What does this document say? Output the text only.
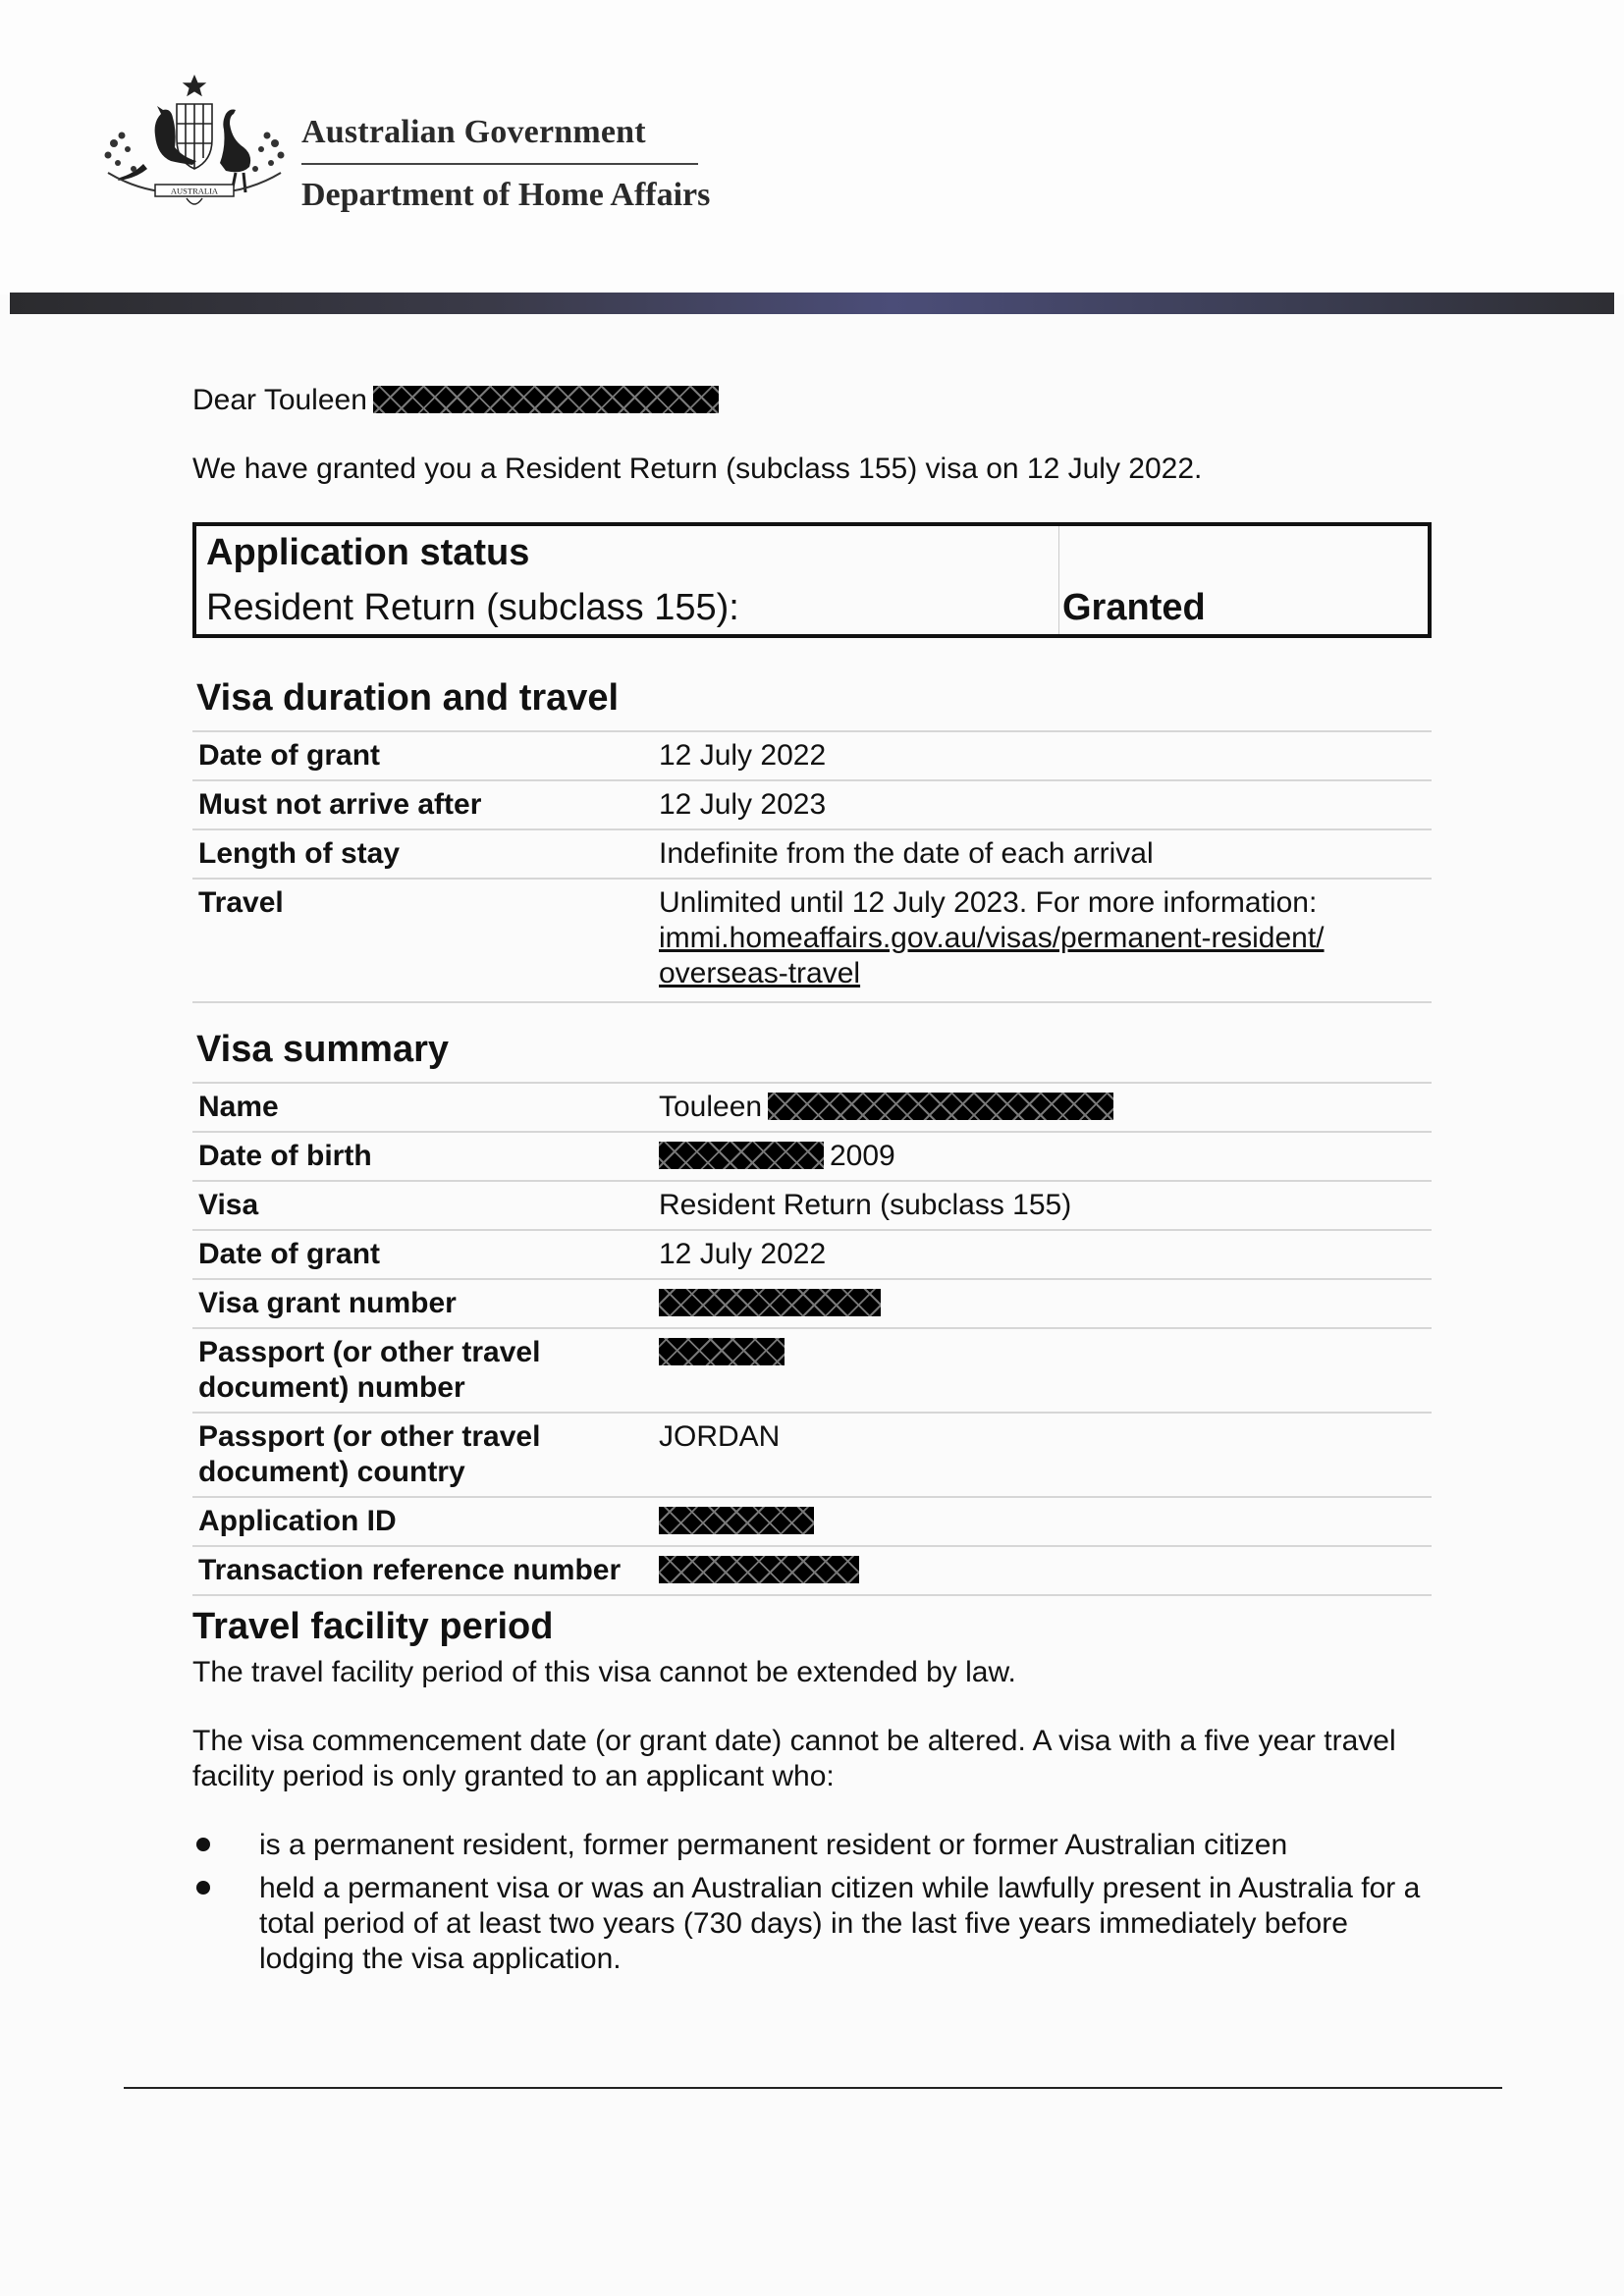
AUSTRALIA
Australian Government
Department of Home Affairs
Dear Touleen
We have granted you a Resident Return (subclass 155) visa on 12 July 2022.
Application status
Resident Return (subclass 155):	Granted
Visa duration and travel
Date of grant	12 July 2022
Must not arrive after	12 July 2023
Length of stay	Indefinite from the date of each arrival
Travel	Unlimited until 12 July 2023. For more information:
immi.homeaffairs.gov.au/visas/permanent-resident/
overseas-travel
Visa summary
Name	Touleen
Date of birth	2009
Visa	Resident Return (subclass 155)
Date of grant	12 July 2022
Visa grant number	

Passport (or other travel
document) number	

Passport (or other travel
document) country	JORDAN
Application ID	
Transaction reference number	
Travel facility period
The travel facility period of this visa cannot be extended by law.
The visa commencement date (or grant date) cannot be altered. A visa with a five year travel facility period is only granted to an applicant who:
is a permanent resident, former permanent resident or former Australian citizen
held a permanent visa or was an Australian citizen while lawfully present in Australia for a total period of at least two years (730 days) in the last five years immediately before lodging the visa application.
